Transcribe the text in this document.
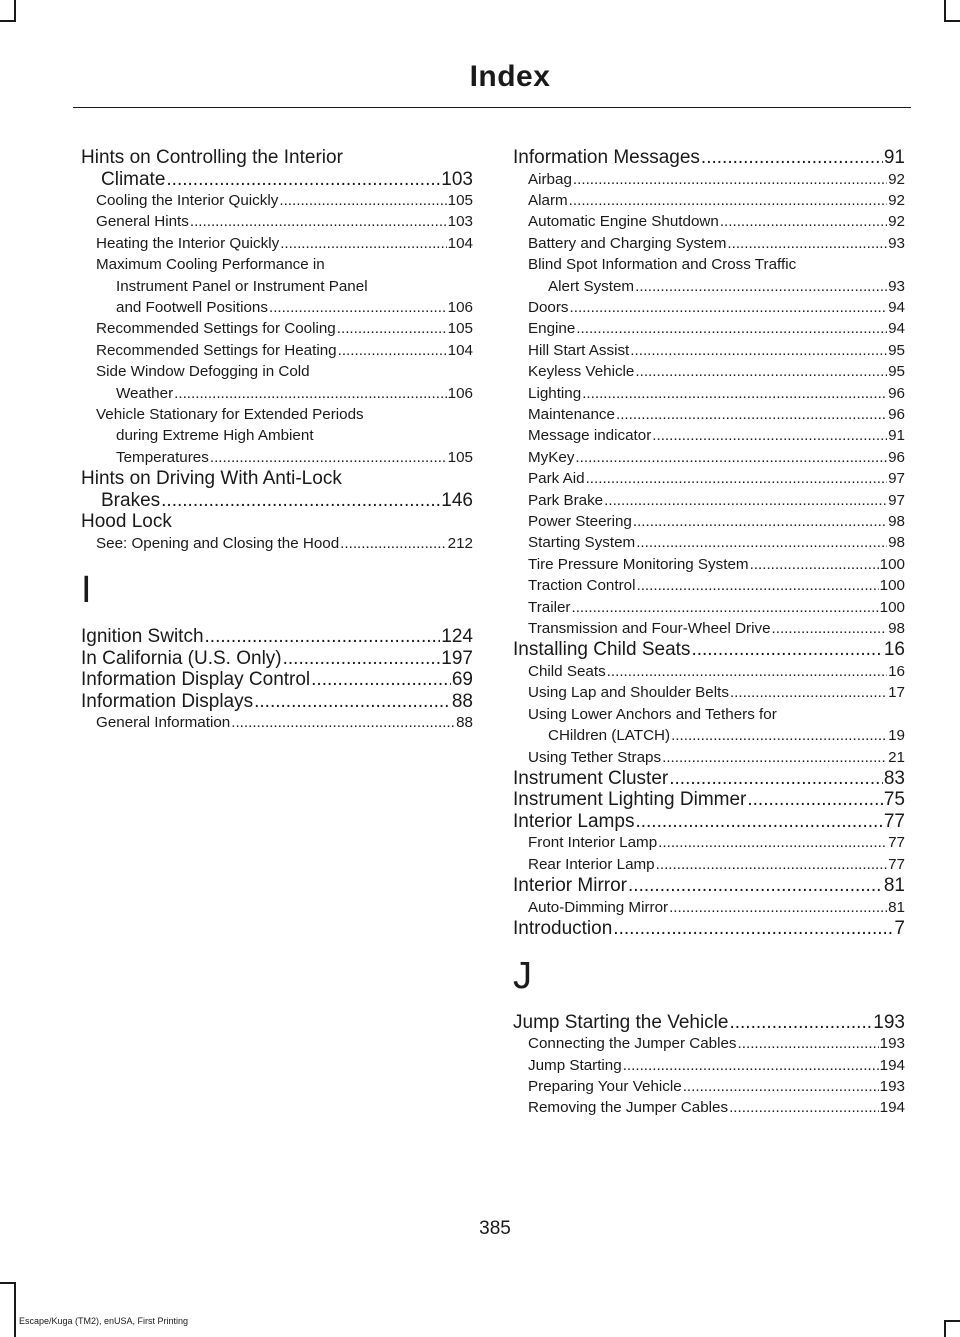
Index
Hints on Controlling the Interior
Climate .....	103
Cooling the Interior Quickly .....	105
General Hints .....	103
Heating the Interior Quickly .....	104
Maximum Cooling Performance in
Instrument Panel or Instrument Panel
and Footwell Positions .....	106
Recommended Settings for Cooling .....	105
Recommended Settings for Heating .....	104
Side Window Defogging in Cold
Weather .....	106
Vehicle Stationary for Extended Periods
during Extreme High Ambient
Temperatures .....	105
Hints on Driving With Anti-Lock
Brakes .....	146
Hood Lock
See: Opening and Closing the Hood .....	212
I
Ignition Switch .....	124
In California (U.S. Only) .....	197
Information Display Control .....	69
Information Displays .....	88
General Information .....	88
Information Messages .....	91
Airbag .....	92
Alarm .....	92
Automatic Engine Shutdown .....	92
Battery and Charging System .....	93
Blind Spot Information and Cross Traffic
Alert System .....	93
Doors .....	94
Engine .....	94
Hill Start Assist .....	95
Keyless Vehicle .....	95
Lighting .....	96
Maintenance .....	96
Message indicator .....	91
MyKey .....	96
Park Aid .....	97
Park Brake .....	97
Power Steering .....	98
Starting System .....	98
Tire Pressure Monitoring System .....	100
Traction Control .....	100
Trailer .....	100
Transmission and Four-Wheel Drive .....	98
Installing Child Seats .....	16
Child Seats .....	16
Using Lap and Shoulder Belts .....	17
Using Lower Anchors and Tethers for
CHildren (LATCH) .....	19
Using Tether Straps .....	21
Instrument Cluster .....	83
Instrument Lighting Dimmer .....	75
Interior Lamps .....	77
Front Interior Lamp .....	77
Rear Interior Lamp .....	77
Interior Mirror .....	81
Auto-Dimming Mirror .....	81
Introduction .....	7
J
Jump Starting the Vehicle .....	193
Connecting the Jumper Cables .....	193
Jump Starting .....	194
Preparing Your Vehicle .....	193
Removing the Jumper Cables .....	194
385
Escape/Kuga (TM2), enUSA, First Printing
